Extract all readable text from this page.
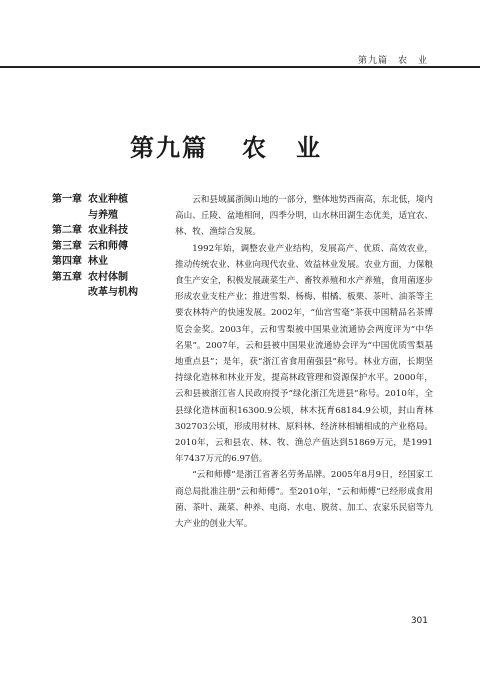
第九篇　农　业
第九篇 农业
第一章 农业种植
与养殖
第二章 农业科技
第三章 云和师傅
第四章 林业
第五章 农村体制
改革与机构

云和县域属浙闽山地的一部分，整体地势西南高，东北低，境内高山、丘陵、盆地相间，四季分明，山水林田湖生态优美，适宜农、林、牧、渔综合发展。

1992年始，调整农业产业结构，发展高产、优质、高效农业，推动传统农业、林业向现代农业、效益林业发展。农业方面，力保粮食生产安全，积极发展蔬菜生产、畜牧养殖和水产养殖，食用菌逐步形成农业支柱产业；推进雪梨、杨梅、柑橘、板栗、茶叶、油茶等主要农林特产的快速发展。2002年，“仙宫雪毫”茶获中国精品名茶博览会金奖。2003年，云和雪梨被中国果业流通协会两度评为“中华名果”。2007年，云和县被中国果业流通协会评为“中国优质雪梨基地重点县”；是年，获“浙江省食用菌强县”称号。林业方面，长期坚持绿化造林和林业开发，提高林政管理和资源保护水平。2000年，云和县被浙江省人民政府授予“绿化浙江先进县”称号。2010年，全县绿化造林面积16300.9公顷，林木抚育68184.9公顷，封山育林302703公顷，形成用材林、原料林、经济林相辅相成的产业格局。2010年，云和县农、林、牧、渔总产值达到51869万元，是1991年7437万元的6.97倍。

“云和师傅”是浙江省著名劳务品牌。2005年8月9日，经国家工商总局批准注册“云和师傅”。至2010年，“云和师傅”已经形成食用菌、茶叶、蔬菜、种养、电商、水电、脱贫、加工、农家乐民宿等九大产业的创业大军。

301
